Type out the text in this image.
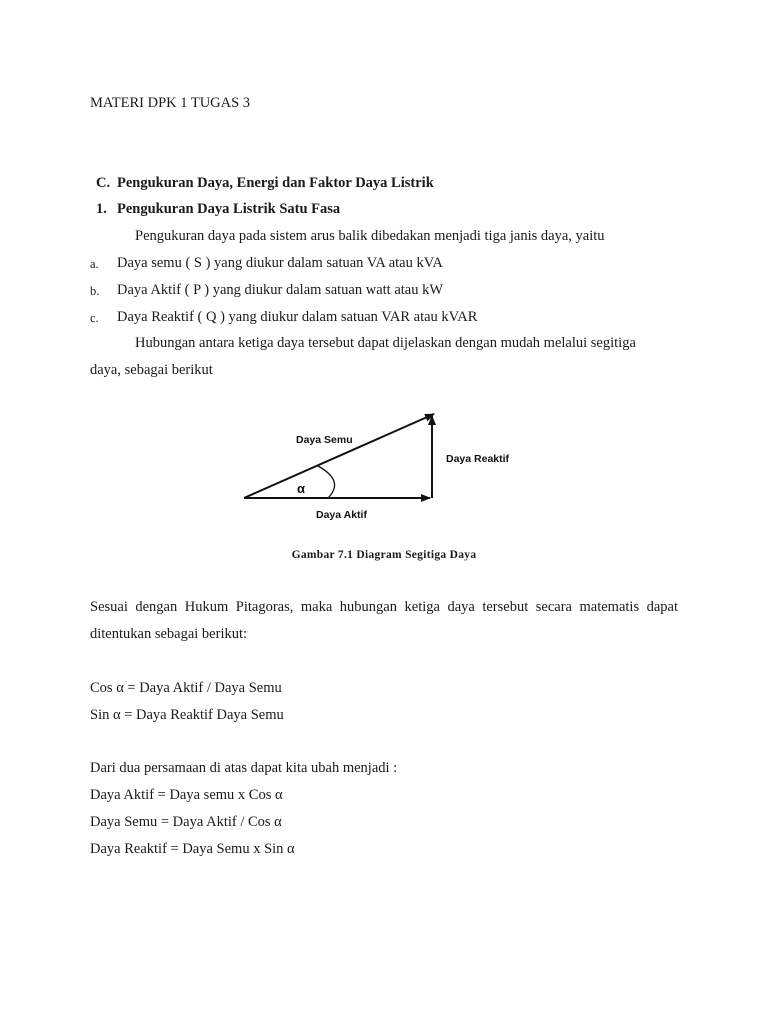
MATERI DPK 1 TUGAS 3
C. Pengukuran Daya, Energi dan Faktor Daya Listrik
1. Pengukuran Daya Listrik Satu Fasa
Pengukuran daya pada sistem arus balik dibedakan menjadi tiga janis daya, yaitu
a. Daya semu ( S ) yang diukur dalam satuan VA atau kVA
b. Daya Aktif ( P ) yang diukur dalam satuan watt atau kW
c. Daya Reaktif ( Q ) yang diukur dalam satuan VAR atau kVAR
Hubungan antara ketiga daya tersebut dapat dijelaskan dengan mudah melalui segitiga
daya, sebagai berikut
Daya Semu
Daya Reaktif
Daya Aktif
α
Gambar 7.1 Diagram Segitiga Daya
Sesuai dengan Hukum Pitagoras, maka hubungan ketiga daya tersebut secara matematis dapat
ditentukan sebagai berikut:
Cos α = Daya Aktif / Daya Semu
Sin α = Daya Reaktif Daya Semu
Dari dua persamaan di atas dapat kita ubah menjadi :
Daya Aktif = Daya semu x Cos α
Daya Semu = Daya Aktif / Cos α
Daya Reaktif = Daya Semu x Sin α
